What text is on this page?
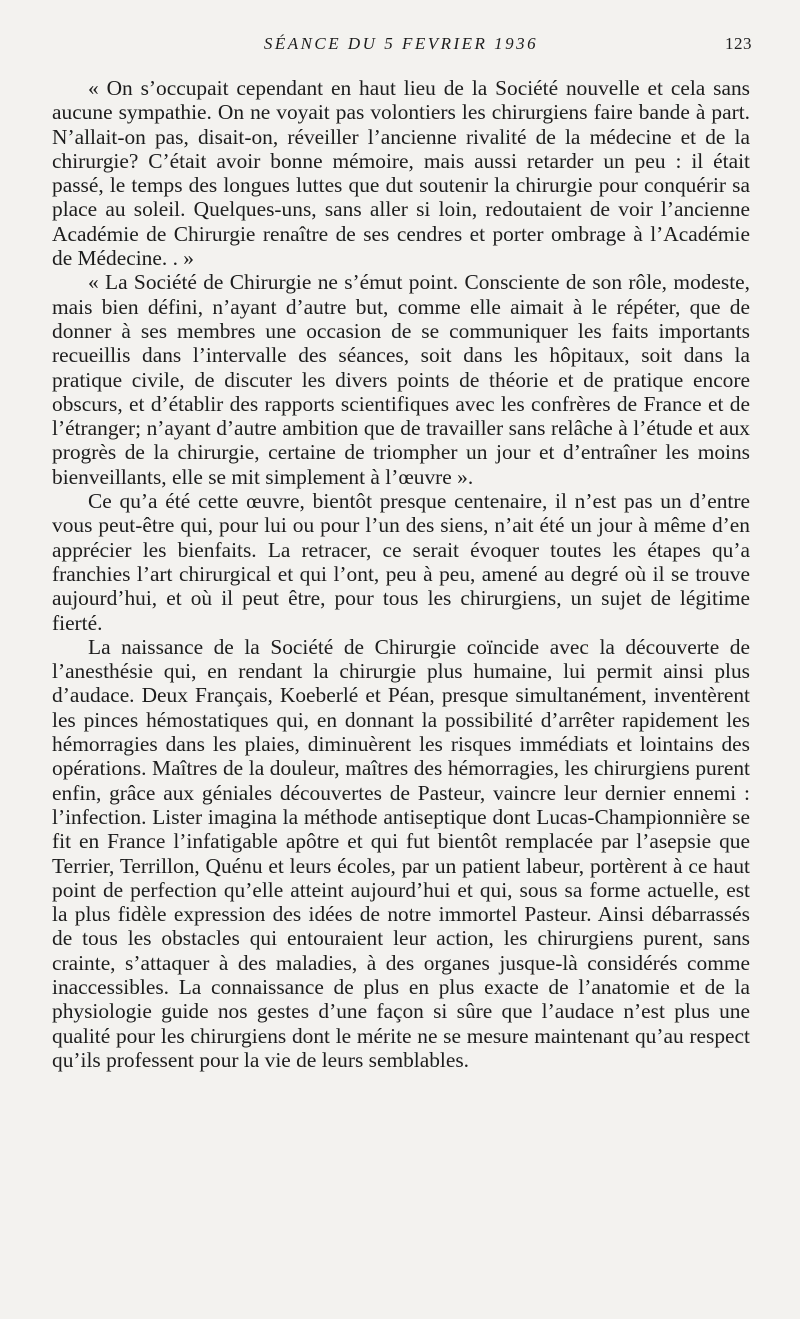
SÉANCE DU 5 FEVRIER 1936	123

« On s’occupait cependant en haut lieu de la Société nouvelle et cela sans aucune sympathie. On ne voyait pas volontiers les chirurgiens faire bande à part. N’allait-on pas, disait-on, réveiller l’ancienne rivalité de la médecine et de la chirurgie? C’était avoir bonne mémoire, mais aussi retarder un peu : il était passé, le temps des longues luttes que dut soutenir la chirurgie pour conquérir sa place au soleil. Quelques-uns, sans aller si loin, redoutaient de voir l’ancienne Académie de Chirurgie renaître de ses cendres et porter ombrage à l’Académie de Médecine. . »

« La Société de Chirurgie ne s’émut point. Consciente de son rôle, modeste, mais bien défini, n’ayant d’autre but, comme elle aimait à le répéter, que de donner à ses membres une occasion de se communiquer les faits importants recueillis dans l’intervalle des séances, soit dans les hôpitaux, soit dans la pratique civile, de discuter les divers points de théorie et de pratique encore obscurs, et d’établir des rapports scientifiques avec les confrères de France et de l’étranger; n’ayant d’autre ambition que de travailler sans relâche à l’étude et aux progrès de la chirurgie, certaine de triompher un jour et d’entraîner les moins bienveillants, elle se mit simplement à l’œuvre ».

Ce qu’a été cette œuvre, bientôt presque centenaire, il n’est pas un d’entre vous peut-être qui, pour lui ou pour l’un des siens, n’ait été un jour à même d’en apprécier les bienfaits. La retracer, ce serait évoquer toutes les étapes qu’a franchies l’art chirurgical et qui l’ont, peu à peu, amené au degré où il se trouve aujourd’hui, et où il peut être, pour tous les chirurgiens, un sujet de légitime fierté.

La naissance de la Société de Chirurgie coïncide avec la découverte de l’anesthésie qui, en rendant la chirurgie plus humaine, lui permit ainsi plus d’audace. Deux Français, Koeberlé et Péan, presque simultanément, inventèrent les pinces hémostatiques qui, en donnant la possibilité d’arrêter rapidement les hémorragies dans les plaies, diminuèrent les risques immédiats et lointains des opérations. Maîtres de la douleur, maîtres des hémorragies, les chirurgiens purent enfin, grâce aux géniales découvertes de Pasteur, vaincre leur dernier ennemi : l’infection. Lister imagina la méthode antiseptique dont Lucas-Championnière se fit en France l’infatigable apôtre et qui fut bientôt remplacée par l’asepsie que Terrier, Terrillon, Quénu et leurs écoles, par un patient labeur, portèrent à ce haut point de perfection qu’elle atteint aujourd’hui et qui, sous sa forme actuelle, est la plus fidèle expression des idées de notre immortel Pasteur. Ainsi débarrassés de tous les obstacles qui entouraient leur action, les chirurgiens purent, sans crainte, s’attaquer à des maladies, à des organes jusque-là considérés comme inaccessibles. La connaissance de plus en plus exacte de l’anatomie et de la physiologie guide nos gestes d’une façon si sûre que l’audace n’est plus une qualité pour les chirurgiens dont le mérite ne se mesure maintenant qu’au respect qu’ils professent pour la vie de leurs semblables.
